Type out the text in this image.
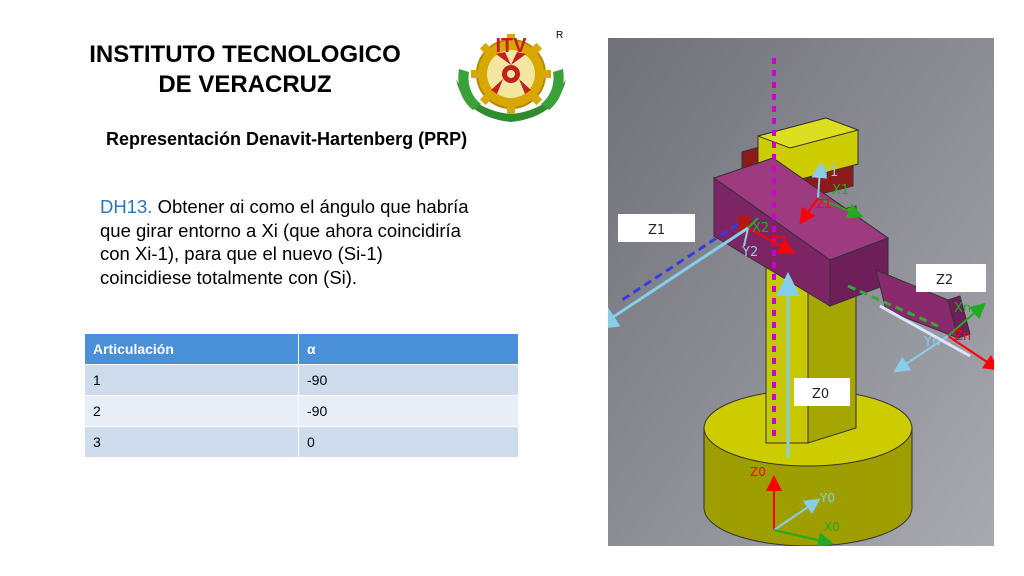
INSTITUTO TECNOLOGICO
DE VERACRUZ
ITV	R
Representación Denavit-Hartenberg (PRP)
DH13. Obtener αi como el ángulo que habría que girar entorno a Xi (que ahora coincidiría con Xi-1), para que el nuevo (Si-1) coincidiese totalmente con (Si).
Articulación	α
1	-90
2	-90
3	0
Z1
Z2
Z0
Y1
X1
Z1
X2
Z2
Y2
Xn
Zn
Yn
Z0
Y0
X0
